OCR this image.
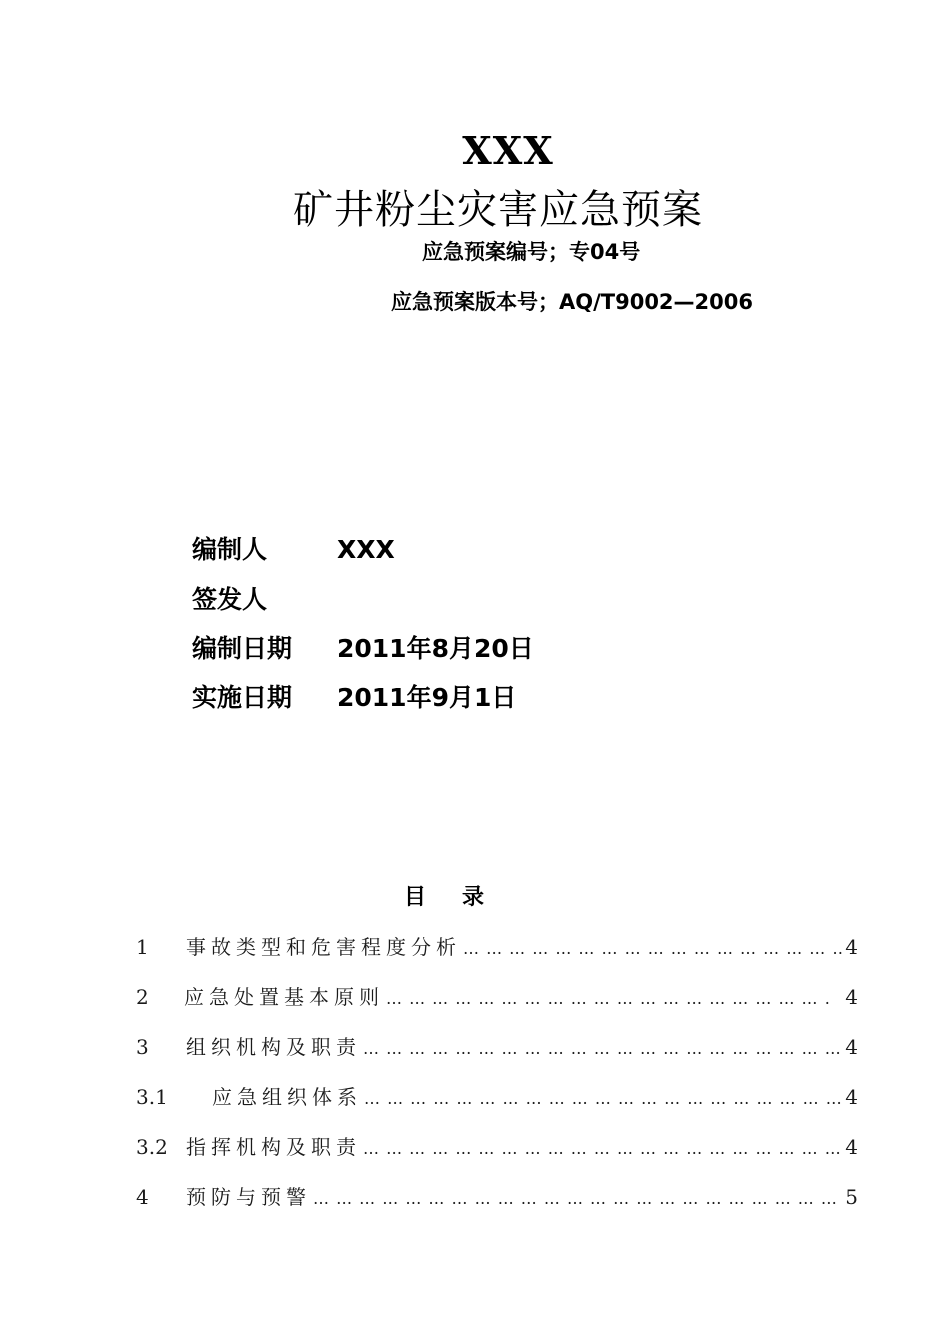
XXX
矿井粉尘灾害应急预案
应急预案编号；专04号
应急预案版本号；AQ/T9002—2006
编制人	XXX
签发人
编制日期 2011年8月20日
实施日期 2011年9月1日
目录
1	事故类型和危害程度分析 … … … … … … … … … … … … … … … … … … … … … … … … … … … … … … … … … … … … … … … … …	4
2	应急处置基本原则 … … … … … … … … … … … … … … … … … … … … … … … … … … … … … … … … … … … … … … … … …	4
3	组织机构及职责 … … … … … … … … … … … … … … … … … … … … … … … … … … … … … … … … … … … … … … … … …	4
3.1	应急组织体系 … … … … … … … … … … … … … … … … … … … … … … … … … … … … … … … … … … … … … … … … …	4
3.2 指挥机构及职责 … … … … … … … … … … … … … … … … … … … … … … … … … … … … … … … … … … … … … … … … …	4
4	预防与预警 … … … … … … … … … … … … … … … … … … … … … … … … … … … … … … … … … … … … … … … … …	5
